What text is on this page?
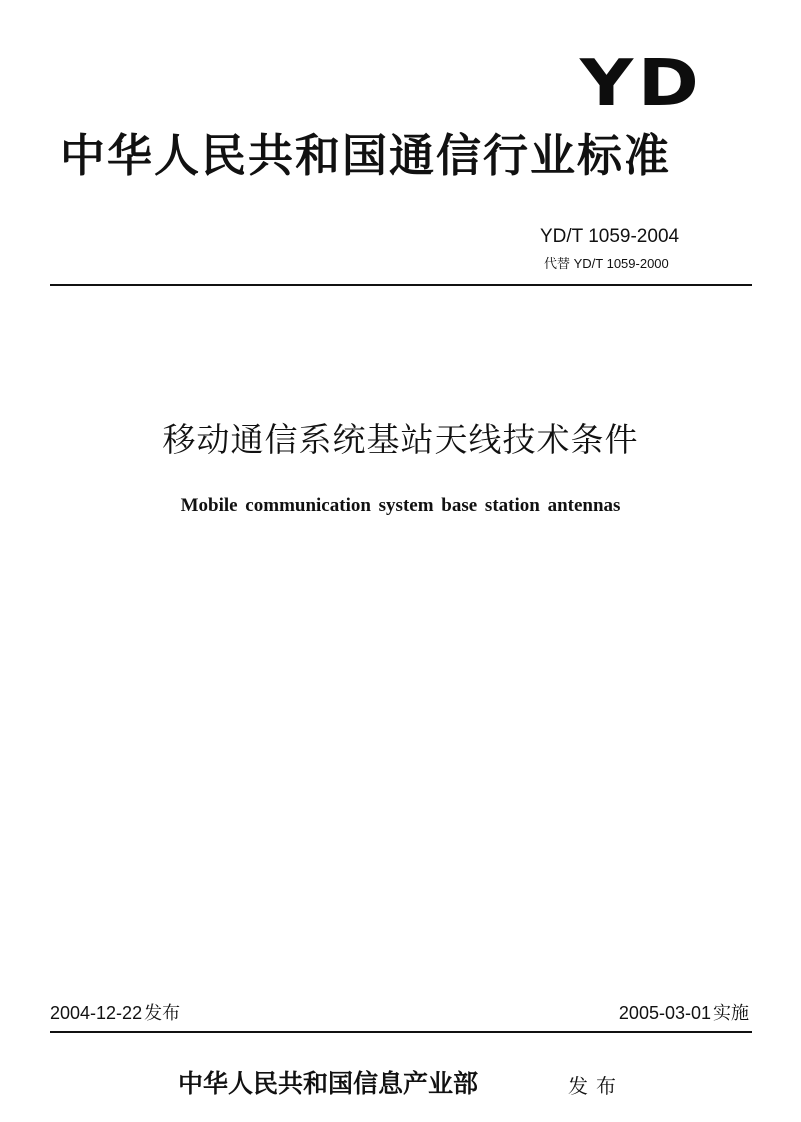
YD
中华人民共和国通信行业标准
YD/T 1059-2004
代替 YD/T 1059-2000
移动通信系统基站天线技术条件
Mobile communication system base station antennas
2004-12-22 发布	2005-03-01 实施
中华人民共和国信息产业部	发布
